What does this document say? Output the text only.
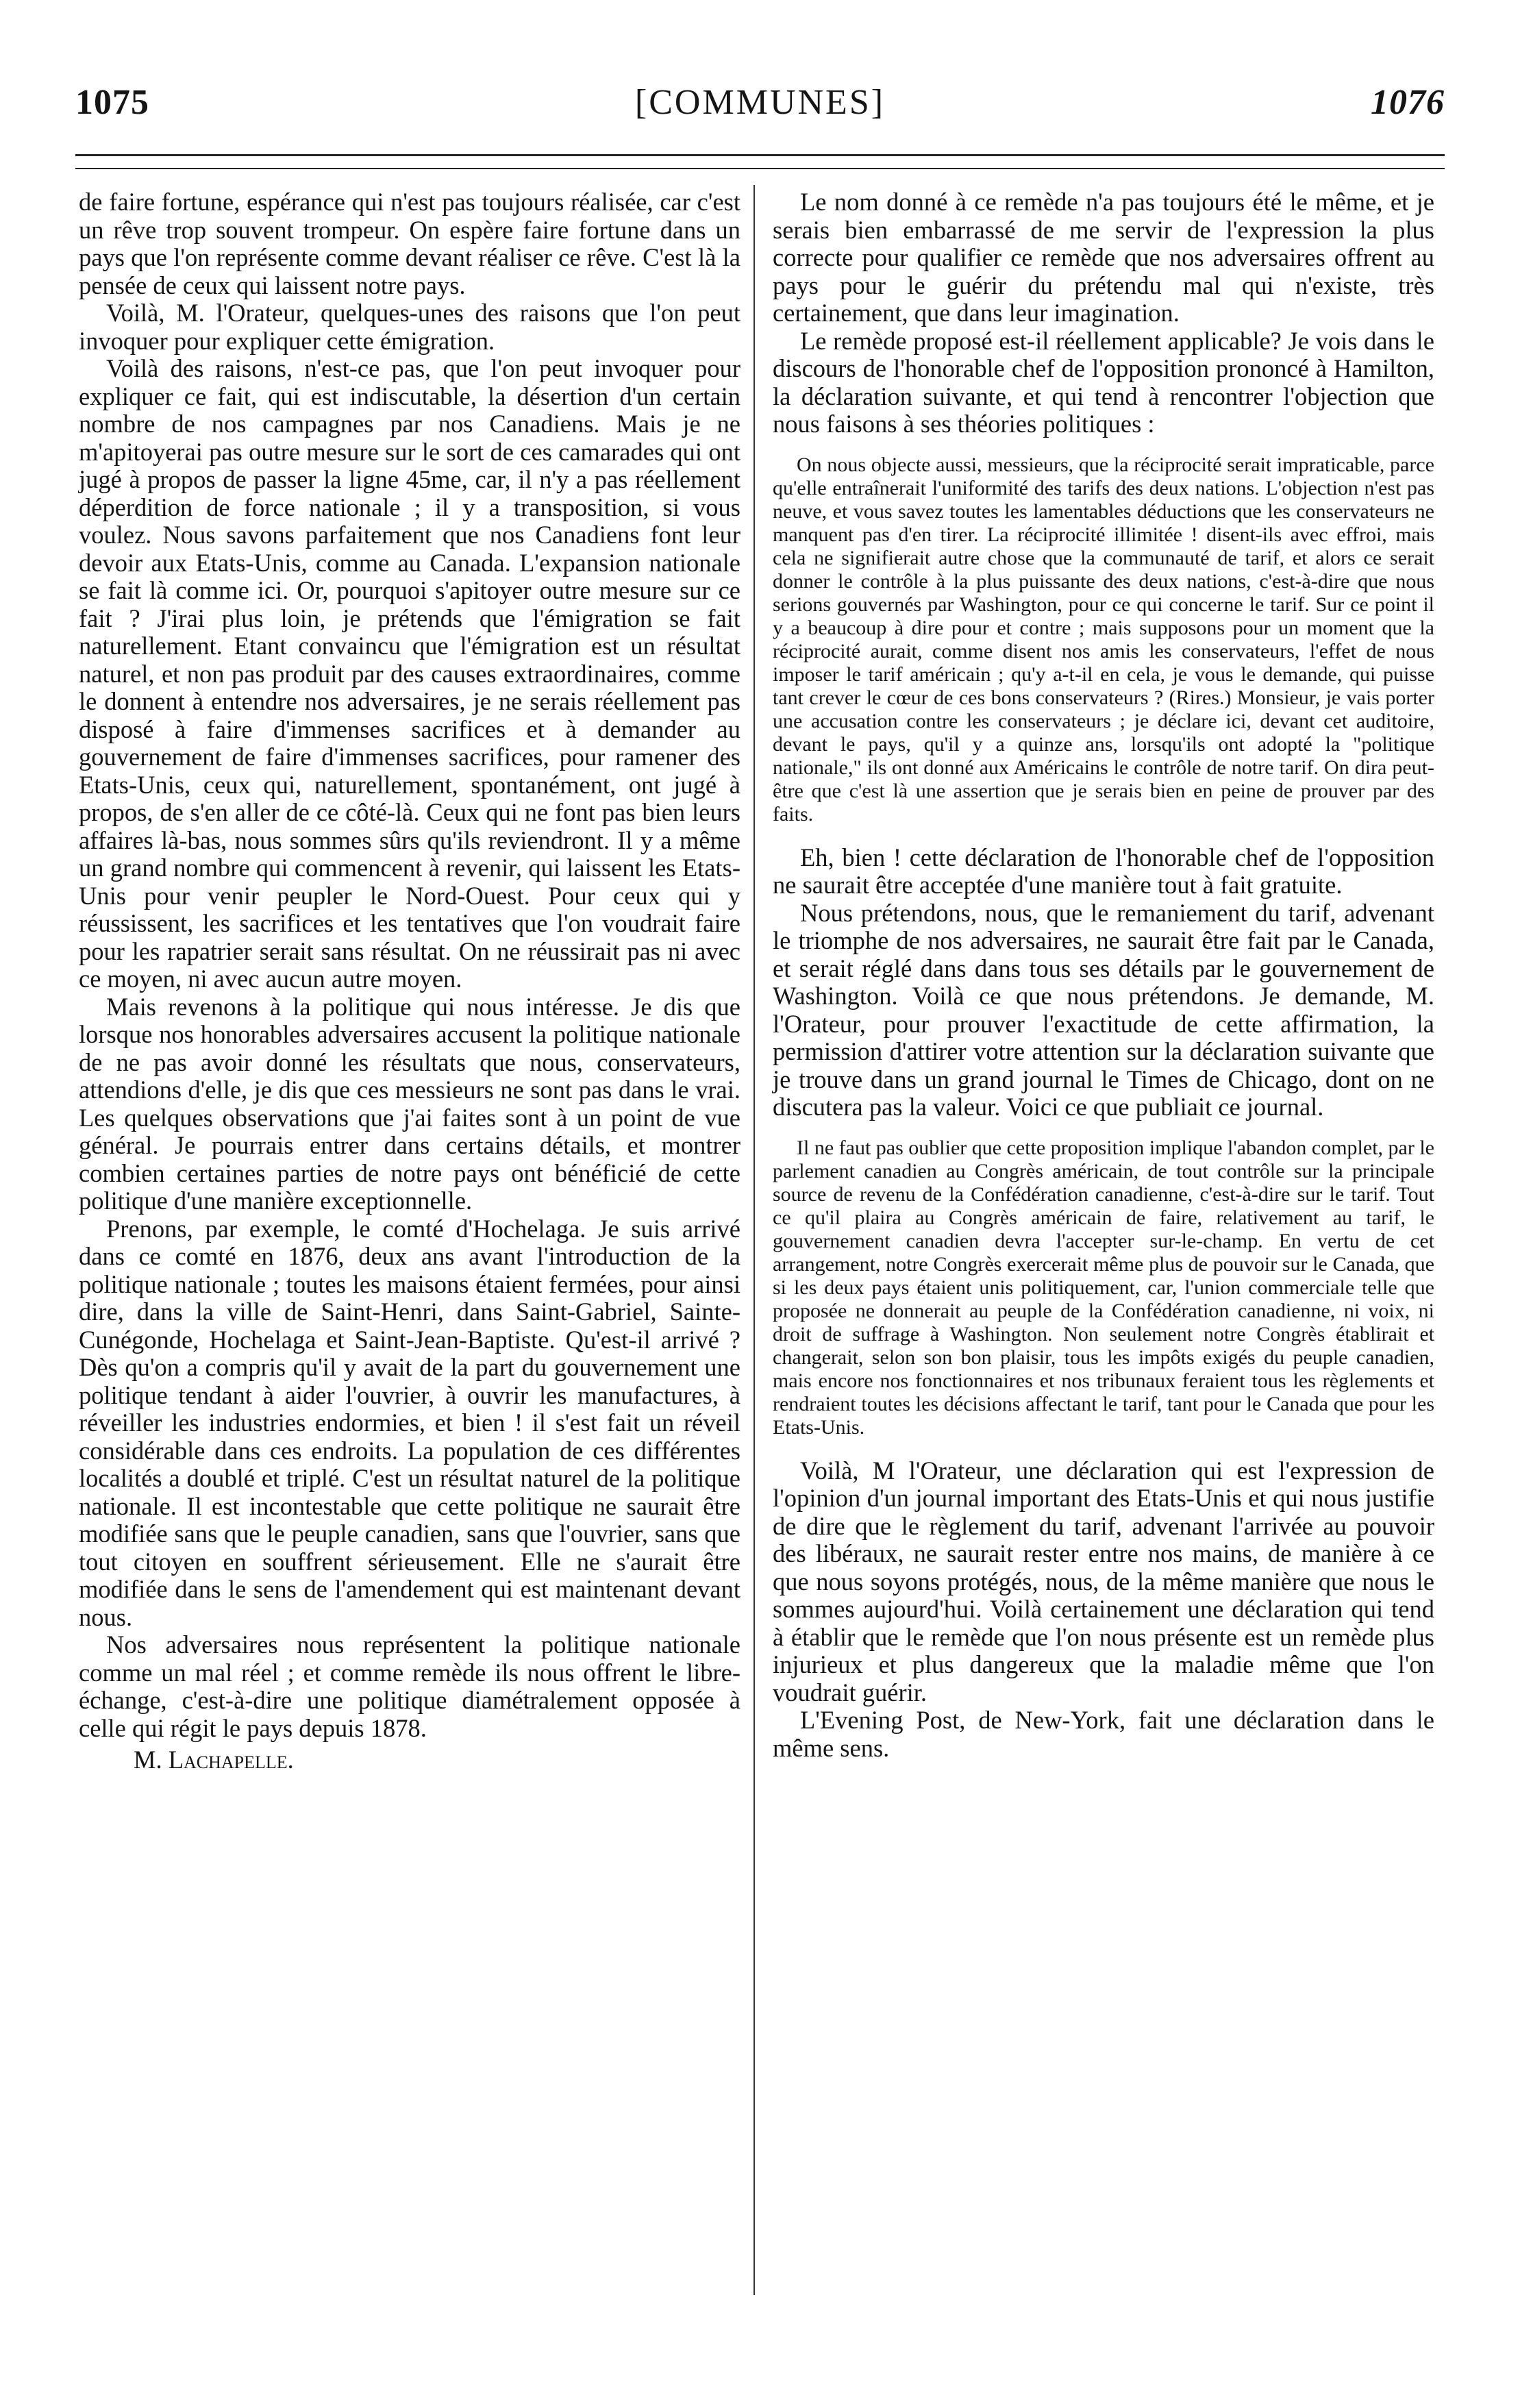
1075	[COMMUNES]	1076

de faire fortune, espérance qui n'est pas toujours réalisée, car c'est un rêve trop souvent trompeur. On espère faire fortune dans un pays que l'on représente comme devant réaliser ce rêve. C'est là la pensée de ceux qui laissent notre pays.

Voilà, M. l'Orateur, quelques-unes des raisons que l'on peut invoquer pour expliquer cette émigration.

Voilà des raisons, n'est-ce pas, que l'on peut invoquer pour expliquer ce fait, qui est indiscutable, la désertion d'un certain nombre de nos campagnes par nos Canadiens. Mais je ne m'apitoyerai pas outre mesure sur le sort de ces camarades qui ont jugé à propos de passer la ligne 45me, car, il n'y a pas réellement déperdition de force nationale ; il y a transposition, si vous voulez. Nous savons parfaitement que nos Canadiens font leur devoir aux Etats-Unis, comme au Canada. L'expansion nationale se fait là comme ici. Or, pourquoi s'apitoyer outre mesure sur ce fait ? J'irai plus loin, je prétends que l'émigration se fait naturellement. Etant convaincu que l'émigration est un résultat naturel, et non pas produit par des causes extraordinaires, comme le donnent à entendre nos adversaires, je ne serais réellement pas disposé à faire d'immenses sacrifices et à demander au gouvernement de faire d'immenses sacrifices, pour ramener des Etats-Unis, ceux qui, naturellement, spontanément, ont jugé à propos, de s'en aller de ce côté-là. Ceux qui ne font pas bien leurs affaires là-bas, nous sommes sûrs qu'ils reviendront. Il y a même un grand nombre qui commencent à revenir, qui laissent les Etats-Unis pour venir peupler le Nord-Ouest. Pour ceux qui y réussissent, les sacrifices et les tentatives que l'on voudrait faire pour les rapatrier serait sans résultat. On ne réussirait pas ni avec ce moyen, ni avec aucun autre moyen.

Mais revenons à la politique qui nous intéresse. Je dis que lorsque nos honorables adversaires accusent la politique nationale de ne pas avoir donné les résultats que nous, conservateurs, attendions d'elle, je dis que ces messieurs ne sont pas dans le vrai. Les quelques observations que j'ai faites sont à un point de vue général. Je pourrais entrer dans certains détails, et montrer combien certaines parties de notre pays ont bénéficié de cette politique d'une manière exceptionnelle.

Prenons, par exemple, le comté d'Hochelaga. Je suis arrivé dans ce comté en 1876, deux ans avant l'introduction de la politique nationale ; toutes les maisons étaient fermées, pour ainsi dire, dans la ville de Saint-Henri, dans Saint-Gabriel, Sainte-Cunégonde, Hochelaga et Saint-Jean-Baptiste. Qu'est-il arrivé ? Dès qu'on a compris qu'il y avait de la part du gouvernement une politique tendant à aider l'ouvrier, à ouvrir les manufactures, à réveiller les industries endormies, et bien ! il s'est fait un réveil considérable dans ces endroits. La population de ces différentes localités a doublé et triplé. C'est un résultat naturel de la politique nationale. Il est incontestable que cette politique ne saurait être modifiée sans que le peuple canadien, sans que l'ouvrier, sans que tout citoyen en souffrent sérieusement. Elle ne s'aurait être modifiée dans le sens de l'amendement qui est maintenant devant nous.

Nos adversaires nous représentent la politique nationale comme un mal réel ; et comme remède ils nous offrent le libre-échange, c'est-à-dire une politique diamétralement opposée à celle qui régit le pays depuis 1878.

M. Lachapelle.

Le nom donné à ce remède n'a pas toujours été le même, et je serais bien embarrassé de me servir de l'expression la plus correcte pour qualifier ce remède que nos adversaires offrent au pays pour le guérir du prétendu mal qui n'existe, très certainement, que dans leur imagination.

Le remède proposé est-il réellement applicable? Je vois dans le discours de l'honorable chef de l'opposition prononcé à Hamilton, la déclaration suivante, et qui tend à rencontrer l'objection que nous faisons à ses théories politiques :

On nous objecte aussi, messieurs, que la réciprocité serait impraticable, parce qu'elle entraînerait l'uniformité des tarifs des deux nations. L'objection n'est pas neuve, et vous savez toutes les lamentables déductions que les conservateurs ne manquent pas d'en tirer. La réciprocité illimitée ! disent-ils avec effroi, mais cela ne signifierait autre chose que la communauté de tarif, et alors ce serait donner le contrôle à la plus puissante des deux nations, c'est-à-dire que nous serions gouvernés par Washington, pour ce qui concerne le tarif. Sur ce point il y a beaucoup à dire pour et contre ; mais supposons pour un moment que la réciprocité aurait, comme disent nos amis les conservateurs, l'effet de nous imposer le tarif américain ; qu'y a-t-il en cela, je vous le demande, qui puisse tant crever le cœur de ces bons conservateurs ? (Rires.) Monsieur, je vais porter une accusation contre les conservateurs ; je déclare ici, devant cet auditoire, devant le pays, qu'il y a quinze ans, lorsqu'ils ont adopté la "politique nationale," ils ont donné aux Américains le contrôle de notre tarif. On dira peut-être que c'est là une assertion que je serais bien en peine de prouver par des faits.

Eh, bien ! cette déclaration de l'honorable chef de l'opposition ne saurait être acceptée d'une manière tout à fait gratuite.

Nous prétendons, nous, que le remaniement du tarif, advenant le triomphe de nos adversaires, ne saurait être fait par le Canada, et serait réglé dans dans tous ses détails par le gouvernement de Washington. Voilà ce que nous prétendons. Je demande, M. l'Orateur, pour prouver l'exactitude de cette affirmation, la permission d'attirer votre attention sur la déclaration suivante que je trouve dans un grand journal le Times de Chicago, dont on ne discutera pas la valeur. Voici ce que publiait ce journal.

Il ne faut pas oublier que cette proposition implique l'abandon complet, par le parlement canadien au Congrès américain, de tout contrôle sur la principale source de revenu de la Confédération canadienne, c'est-à-dire sur le tarif. Tout ce qu'il plaira au Congrès américain de faire, relativement au tarif, le gouvernement canadien devra l'accepter sur-le-champ. En vertu de cet arrangement, notre Congrès exercerait même plus de pouvoir sur le Canada, que si les deux pays étaient unis politiquement, car, l'union commerciale telle que proposée ne donnerait au peuple de la Confédération canadienne, ni voix, ni droit de suffrage à Washington. Non seulement notre Congrès établirait et changerait, selon son bon plaisir, tous les impôts exigés du peuple canadien, mais encore nos fonctionnaires et nos tribunaux feraient tous les règlements et rendraient toutes les décisions affectant le tarif, tant pour le Canada que pour les Etats-Unis.

Voilà, M l'Orateur, une déclaration qui est l'expression de l'opinion d'un journal important des Etats-Unis et qui nous justifie de dire que le règlement du tarif, advenant l'arrivée au pouvoir des libéraux, ne saurait rester entre nos mains, de manière à ce que nous soyons protégés, nous, de la même manière que nous le sommes aujourd'hui. Voilà certainement une déclaration qui tend à établir que le remède que l'on nous présente est un remède plus injurieux et plus dangereux que la maladie même que l'on voudrait guérir.

L'Evening Post, de New-York, fait une déclaration dans le même sens.
